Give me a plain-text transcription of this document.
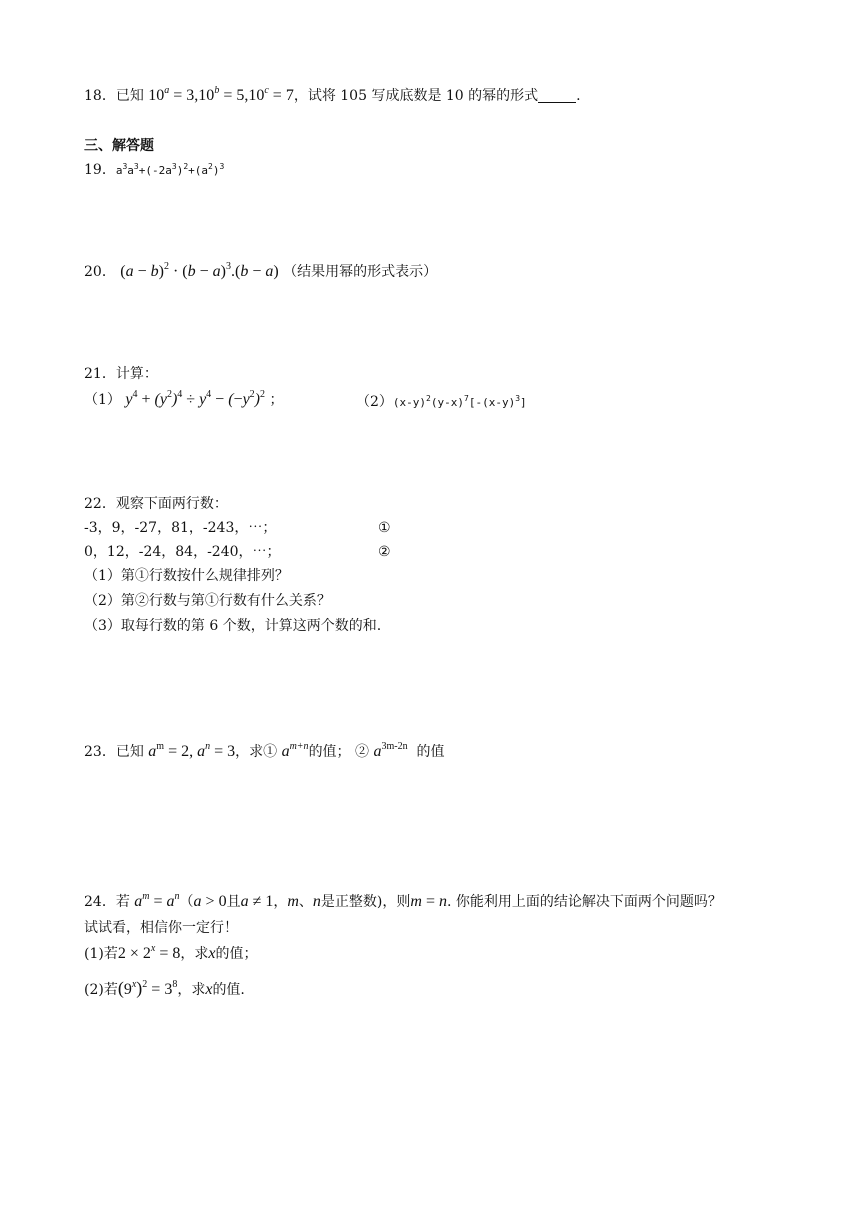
18．已知 $10^a = 3,10^b = 5,10^c = 7$，试将 105 写成底数是 10 的幂的形式	.
三、解答题
19．$a^3a^3+(-2a^3)^2+(a^2)^3$
20． $(a - b)^2 \cdot (b - a)^3.(b - a)$ （结果用幂的形式表示）
21．计算：
（1） $y^4 + (y^2)^4 \div y^4 - (-y^2)^2$ ；	$(2)(x-y)^2(y-x)^7[-(x-y)^3]$
22．观察下面两行数：
-3，9，-27，81，-243，⋯；	①
0，12，-24，84，-240，⋯；	②
（1）第①行数按什么规律排列？
（2）第②行数与第①行数有什么关系？
（3）取每行数的第 6 个数，计算这两个数的和.
23．已知 $a^m = 2$, $a^n = 3$，求① $a^{m+n}$的值； ② $a^{3m-2n}$ 的值
24．若 $a^m = a^n(a > 0$且a ≠ 1，m、n是正整数)，则m = n. 你能利用上面的结论解决下面两个问题吗？
试试看，相信你一定行！
(1)若$2 \times 2^x = 8$，求x的值；
(2)若$(9^x)^2 = 3^8$，求x的值.
